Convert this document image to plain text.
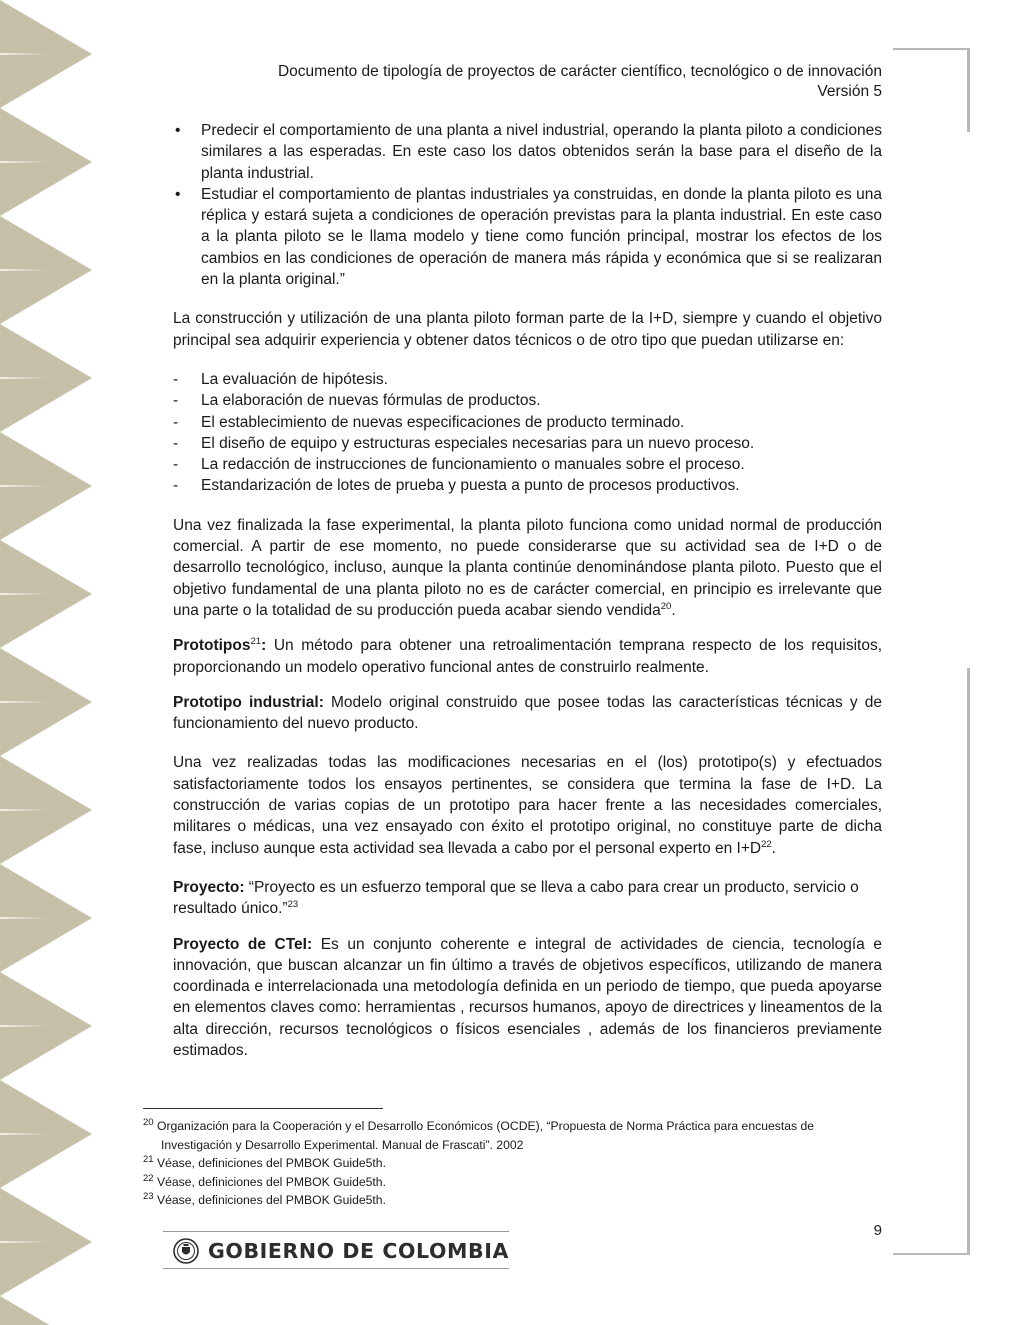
Documento de tipología de proyectos de carácter científico, tecnológico o de innovación
Versión 5
• Predecir el comportamiento de una planta a nivel industrial, operando la planta piloto a condiciones similares a las esperadas. En este caso los datos obtenidos serán la base para el diseño de la planta industrial.
• Estudiar el comportamiento de plantas industriales ya construidas, en donde la planta piloto es una réplica y estará sujeta a condiciones de operación previstas para la planta industrial. En este caso a la planta piloto se le llama modelo y tiene como función principal, mostrar los efectos de los cambios en las condiciones de operación de manera más rápida y económica que si se realizaran en la planta original.”

La construcción y utilización de una planta piloto forman parte de la I+D, siempre y cuando el objetivo principal sea adquirir experiencia y obtener datos técnicos o de otro tipo que puedan utilizarse en:

- La evaluación de hipótesis.
- La elaboración de nuevas fórmulas de productos.
- El establecimiento de nuevas especificaciones de producto terminado.
- El diseño de equipo y estructuras especiales necesarias para un nuevo proceso.
- La redacción de instrucciones de funcionamiento o manuales sobre el proceso.
- Estandarización de lotes de prueba y puesta a punto de procesos productivos.

Una vez finalizada la fase experimental, la planta piloto funciona como unidad normal de producción comercial. A partir de ese momento, no puede considerarse que su actividad sea de I+D o de desarrollo tecnológico, incluso, aunque la planta continúe denominándose planta piloto. Puesto que el objetivo fundamental de una planta piloto no es de carácter comercial, en principio es irrelevante que una parte o la totalidad de su producción pueda acabar siendo vendida$^{20}$.

Prototipos$^{21}$: Un método para obtener una retroalimentación temprana respecto de los requisitos, proporcionando un modelo operativo funcional antes de construirlo realmente.

Prototipo industrial: Modelo original construido que posee todas las características técnicas y de funcionamiento del nuevo producto.

Una vez realizadas todas las modificaciones necesarias en el (los) prototipo(s) y efectuados satisfactoriamente todos los ensayos pertinentes, se considera que termina la fase de I+D. La construcción de varias copias de un prototipo para hacer frente a las necesidades comerciales, militares o médicas, una vez ensayado con éxito el prototipo original, no constituye parte de dicha fase, incluso aunque esta actividad sea llevada a cabo por el personal experto en $I+D^{22}$.

Proyecto: “Proyecto es un esfuerzo temporal que se lleva a cabo para crear un producto, servicio o resultado único.”$^{23}$

Proyecto de CTeI: Es un conjunto coherente e integral de actividades de ciencia, tecnología e innovación, que buscan alcanzar un fin último a través de objetivos específicos, utilizando de manera coordinada e interrelacionada una metodología definida en un periodo de tiempo, que pueda apoyarse en elementos claves como: herramientas , recursos humanos, apoyo de directrices y lineamentos de la alta dirección, recursos tecnológicos o físicos esenciales , además de los financieros previamente estimados.

$^{20}$ Organización para la Cooperación y el Desarrollo Económicos (OCDE), “Propuesta de Norma Práctica para encuestas de
Investigación y Desarrollo Experimental. Manual de Frascati”. 2002
$^{21}$ Véase, definiciones del PMBOK Guide5th.
$^{22}$ Véase, definiciones del PMBOK Guide5th.
$^{23}$ Véase, definiciones del PMBOK Guide5th.
9
GOBIERNO DE COLOMBIA
